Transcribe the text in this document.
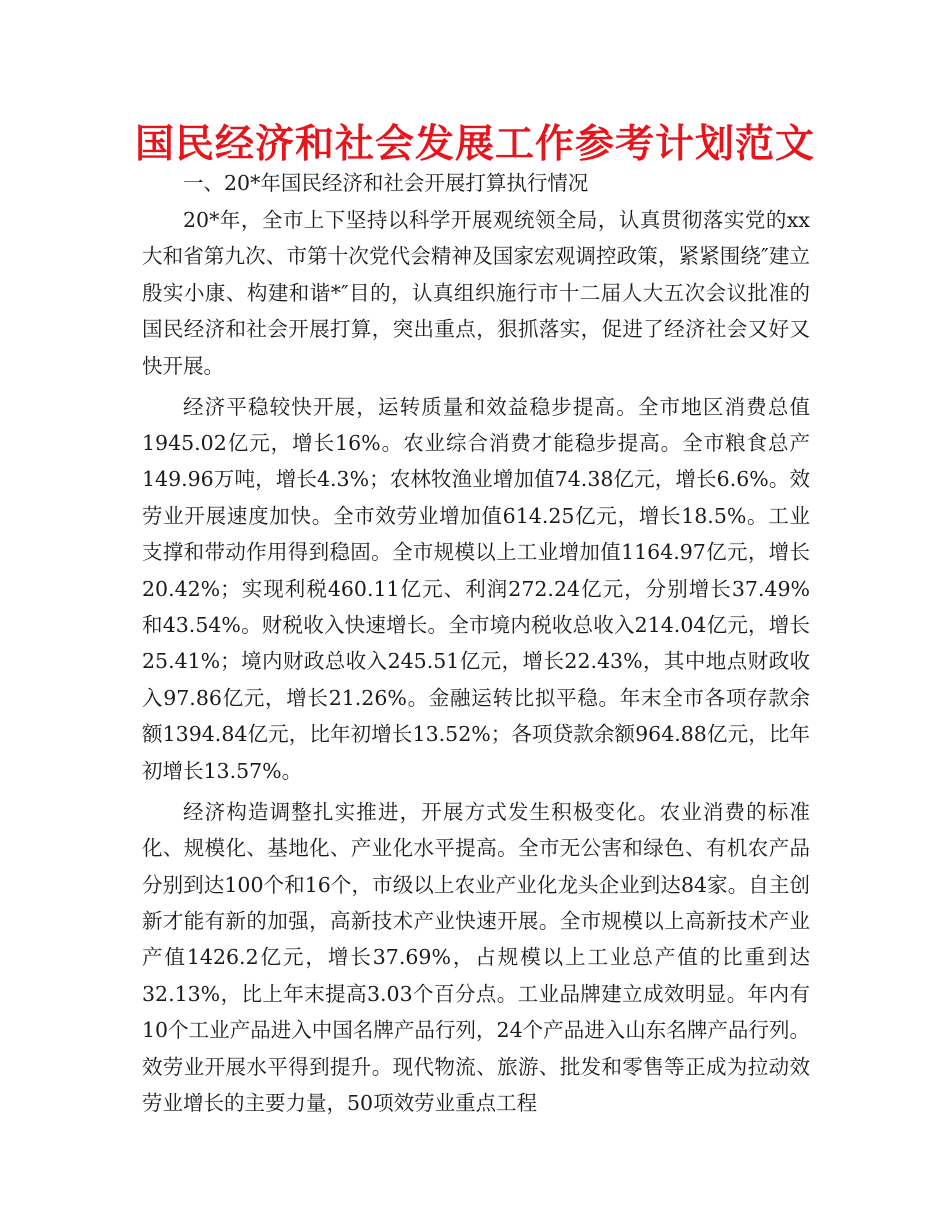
国民经济和社会发展工作参考计划范文

一、20*年国民经济和社会开展打算执行情况

20*年，全市上下坚持以科学开展观统领全局，认真贯彻落实党的xx大和省第九次、市第十次党代会精神及国家宏观调控政策，紧紧围绕″建立殷实小康、构建和谐*″目的，认真组织施行市十二届人大五次会议批准的国民经济和社会开展打算，突出重点，狠抓落实，促进了经济社会又好又快开展。

经济平稳较快开展，运转质量和效益稳步提高。全市地区消费总值1945.02亿元，增长16%。农业综合消费才能稳步提高。全市粮食总产149.96万吨，增长4.3%；农林牧渔业增加值74.38亿元，增长6.6%。效劳业开展速度加快。全市效劳业增加值614.25亿元，增长18.5%。工业支撑和带动作用得到稳固。全市规模以上工业增加值1164.97亿元，增长20.42%；实现利税460.11亿元、利润272.24亿元，分别增长37.49%和43.54%。财税收入快速增长。全市境内税收总收入214.04亿元，增长25.41%；境内财政总收入245.51亿元，增长22.43%，其中地点财政收入97.86亿元，增长21.26%。金融运转比拟平稳。年末全市各项存款余额1394.84亿元，比年初增长13.52%；各项贷款余额964.88亿元，比年初增长13.57%。

经济构造调整扎实推进，开展方式发生积极变化。农业消费的标准化、规模化、基地化、产业化水平提高。全市无公害和绿色、有机农产品分别到达100个和16个，市级以上农业产业化龙头企业到达84家。自主创新才能有新的加强，高新技术产业快速开展。全市规模以上高新技术产业产值1426.2亿元，增长37.69%，占规模以上工业总产值的比重到达32.13%，比上年末提高3.03个百分点。工业品牌建立成效明显。年内有10个工业产品进入中国名牌产品行列，24个产品进入山东名牌产品行列。效劳业开展水平得到提升。现代物流、旅游、批发和零售等正成为拉动效劳业增长的主要力量，50项效劳业重点工程
